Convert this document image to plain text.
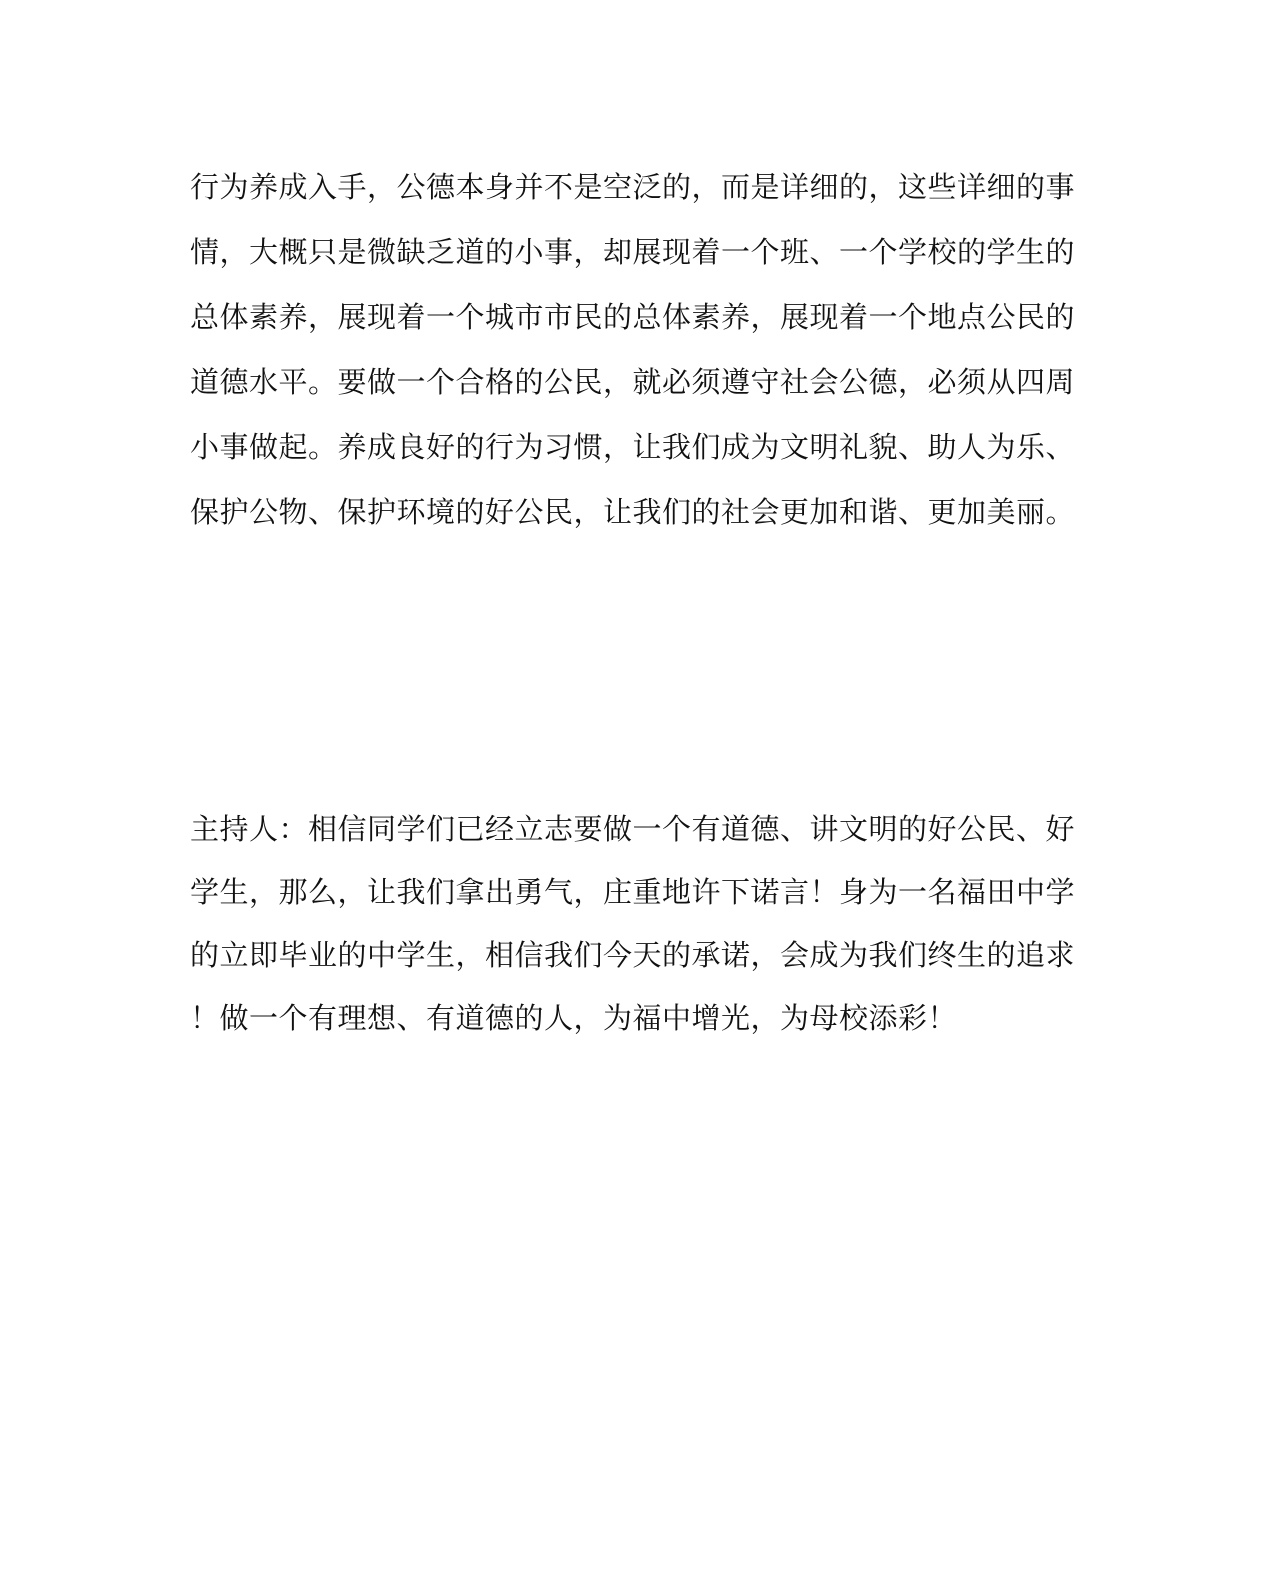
行为养成入手，公德本身并不是空泛的，而是详细的，这些详细的事
情，大概只是微缺乏道的小事，却展现着一个班、一个学校的学生的
总体素养，展现着一个城市市民的总体素养，展现着一个地点公民的
道德水平。要做一个合格的公民，就必须遵守社会公德，必须从四周
小事做起。养成良好的行为习惯，让我们成为文明礼貌、助人为乐、
保护公物、保护环境的好公民，让我们的社会更加和谐、更加美丽。
主持人：相信同学们已经立志要做一个有道德、讲文明的好公民、好
学生，那么，让我们拿出勇气，庄重地许下诺言！身为一名福田中学
的立即毕业的中学生，相信我们今天的承诺，会成为我们终生的追求
！做一个有理想、有道德的人，为福中增光，为母校添彩！
